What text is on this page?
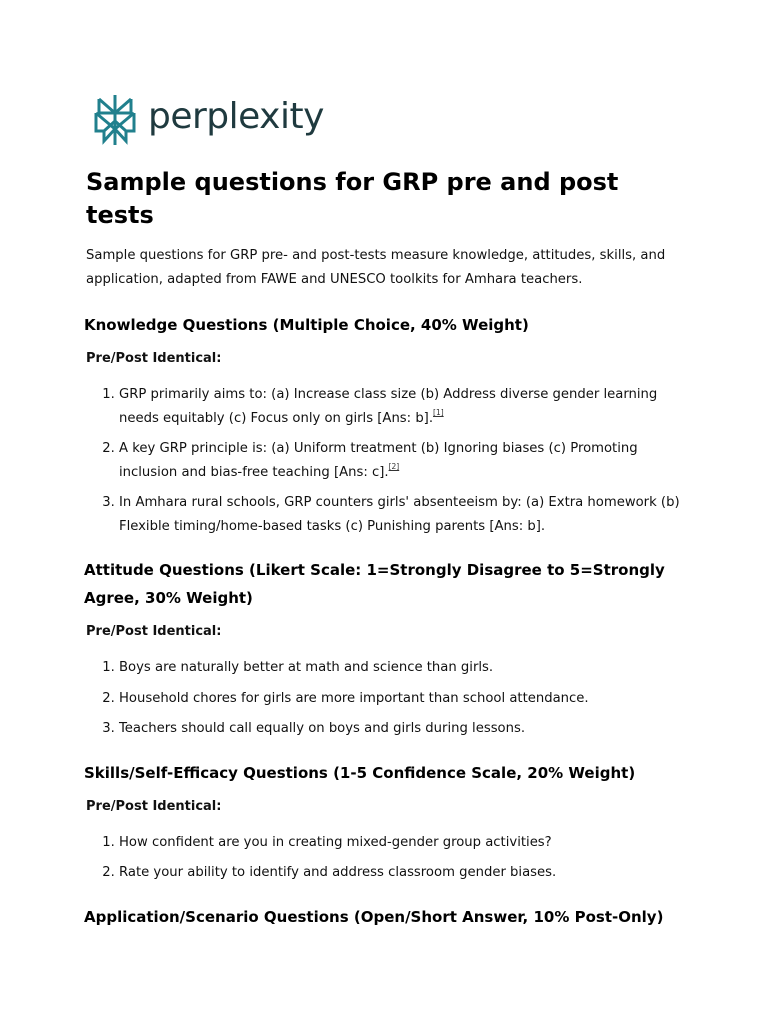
perplexity
Sample questions for GRP pre and post tests

Sample questions for GRP pre- and post-tests measure knowledge, attitudes, skills, and application, adapted from FAWE and UNESCO toolkits for Amhara teachers.

Knowledge Questions (Multiple Choice, 40% Weight)

Pre/Post Identical:

1. GRP primarily aims to: (a) Increase class size (b) Address diverse gender learning needs equitably (c) Focus only on girls [Ans: b].[1]
2. A key GRP principle is: (a) Uniform treatment (b) Ignoring biases (c) Promoting inclusion and bias-free teaching [Ans: c].[2]
3. In Amhara rural schools, GRP counters girls' absenteeism by: (a) Extra homework (b) Flexible timing/home-based tasks (c) Punishing parents [Ans: b].
Attitude Questions (Likert Scale: 1=Strongly Disagree to 5=Strongly Agree, 30% Weight)

Pre/Post Identical:

1. Boys are naturally better at math and science than girls.
2. Household chores for girls are more important than school attendance.
3. Teachers should call equally on boys and girls during lessons.
Skills/Self-Efficacy Questions (1-5 Confidence Scale, 20% Weight)

Pre/Post Identical:

1. How confident are you in creating mixed-gender group activities?
2. Rate your ability to identify and address classroom gender biases.
Application/Scenario Questions (Open/Short Answer, 10% Post-Only)
